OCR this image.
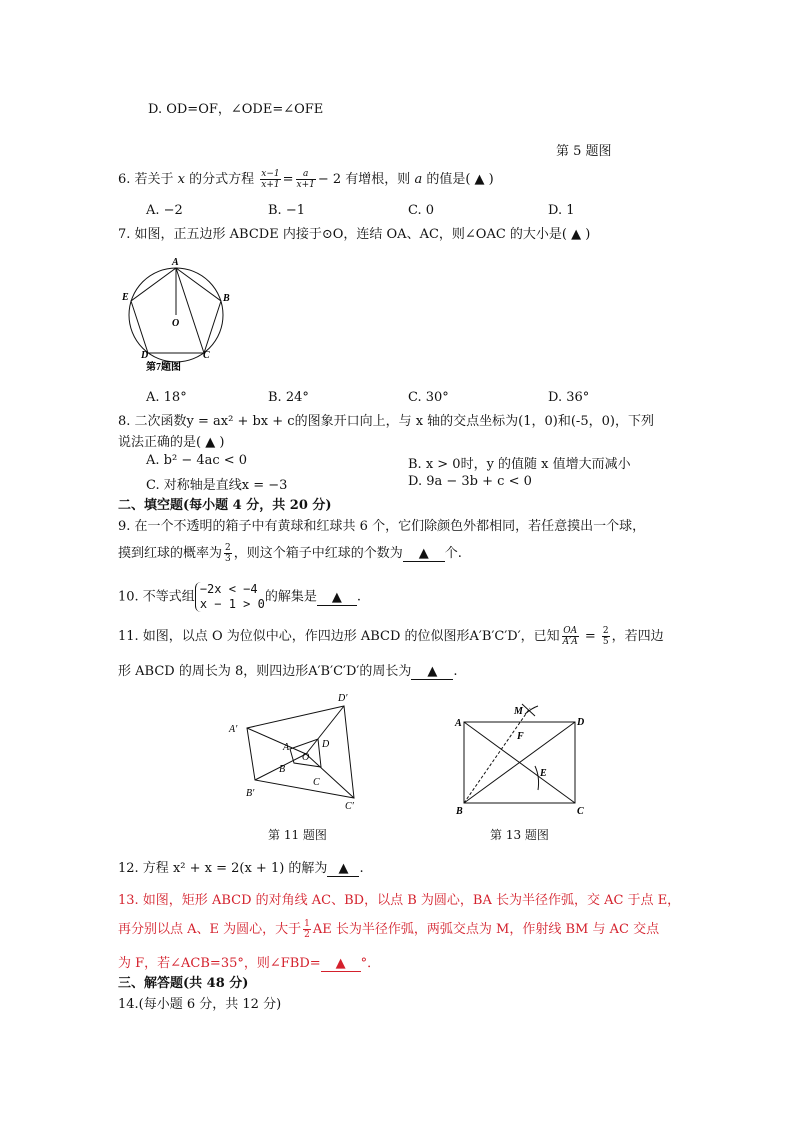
D. OD=OF，∠ODE=∠OFE
第 5 题图
6. 若关于 x 的分式方程 $\frac{x-1}{x+1} = \frac{a}{x+1} - 2$ 有增根，则 a 的值是( ▲ )
A. −2	B. −1	C. 0	D. 1
7. 如图，正五边形 ABCDE 内接于⊙O，连结 OA、AC，则∠OAC 的大小是( ▲ )
A
B
C
D
E
O
第7题图
A. 18°	B. 24°	C. 30°	D. 36°
8. 二次函数y = ax² + bx + c的图象开口向上，与 x 轴的交点坐标为(1，0)和(-5，0)，下列
说法正确的是( ▲ )
A. b² − 4ac < 0	B. x > 0时，y 的值随 x 值增大而减小
C. 对称轴是直线x = −3	D. 9a − 3b + c < 0
二、填空题(每小题 4 分，共 20 分)
9. 在一个不透明的箱子中有黄球和红球共 6 个，它们除颜色外都相同，若任意摸出一个球，
摸到红球的概率为 $\frac{2}{3}$ ，则这个箱子中红球的个数为 ▲ 个.
10. 不等式组
−2x < −4
x − 1 > 0 的解集是 ▲ .
11. 如图，以点 O 为位似中心，作四边形 ABCD 的位似图形A′B′C′D′，已知 $\frac{OA}{A'A} = \frac{2}{5}$ ，若四边
形 ABCD 的周长为 8，则四边形A′B′C′D′的周长为 ▲ .
A′
D′
A	D
O
B
C
B′
C′
第 11 题图
A	D
M
F
E
B	C
第 13 题图
12. 方程 x² + x = 2(x + 1) 的解为 ▲ .
13. 如图，矩形 ABCD 的对角线 AC、BD，以点 B 为圆心，BA 长为半径作弧，交 AC 于点 E，
再分别以点 A、E 为圆心，大于 $\frac{1}{2}$ AE 长为半径作弧，两弧交点为 M，作射线 BM 与 AC 交点
为 F，若∠ACB=35°，则∠FBD= ▲ °．
三、解答题(共 48 分)
14.(每小题 6 分，共 12 分)
